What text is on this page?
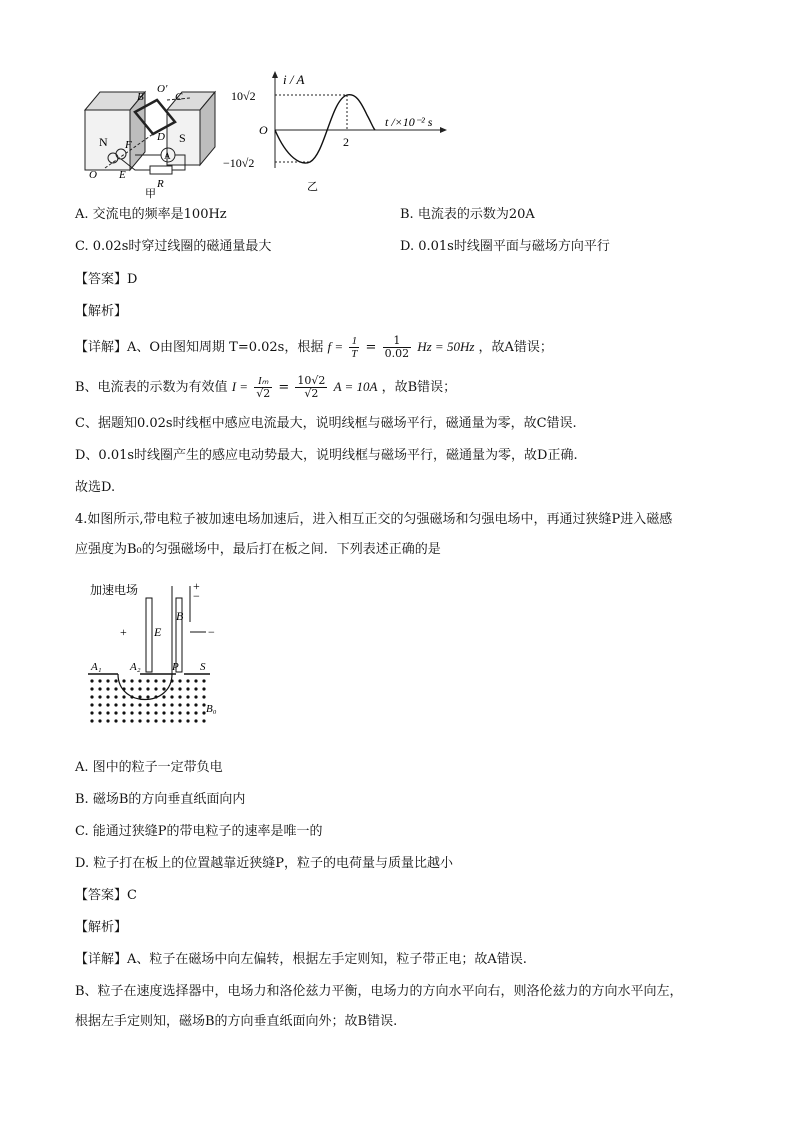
N	S
B
O′
C
D
F
E
R
A
O
甲
i / A
10√2
O
−10√2
2
t /×10⁻² s
乙
A. 交流电的频率是100Hz	B. 电流表的示数为20A
C. 0.02s时穿过线圈的磁通量最大	D. 0.01s时线圈平面与磁场方向平行
【答案】D
【解析】
【详解】A、O由图知周期 T=0.02s，根据 $f = \frac{1}{T} = \frac{1}{0.02}$ Hz = 50Hz ，故A错误；
B、电流表的示数为有效值 $I = \frac{\text{Iₘ}}{√2} = \frac{10√2}{√2}$ A = 10A ，故B错误；
C、据题知0.02s时线框中感应电流最大，说明线框与磁场平行，磁通量为零，故C错误.
D、0.01s时线圈产生的感应电动势最大，说明线框与磁场平行，磁通量为零，故D正确.
故选D.
4.如图所示,带电粒子被加速电场加速后，进入相互正交的匀强磁场和匀强电场中，再通过狭缝P进入磁感
应强度为B₀的匀强磁场中，最后打在板之间．下列表述正确的是
加速电场	+
−
+ E
B
−
A₁	A₂	P S
B₀
A. 图中的粒子一定带负电
B. 磁场B的方向垂直纸面向内
C. 能通过狭缝P的带电粒子的速率是唯一的
D. 粒子打在板上的位置越靠近狭缝P，粒子的电荷量与质量比越小
【答案】C
【解析】
【详解】A、粒子在磁场中向左偏转，根据左手定则知，粒子带正电；故A错误.
B、粒子在速度选择器中，电场力和洛伦兹力平衡，电场力的方向水平向右，则洛伦兹力的方向水平向左，
根据左手定则知，磁场B的方向垂直纸面向外；故B错误.
